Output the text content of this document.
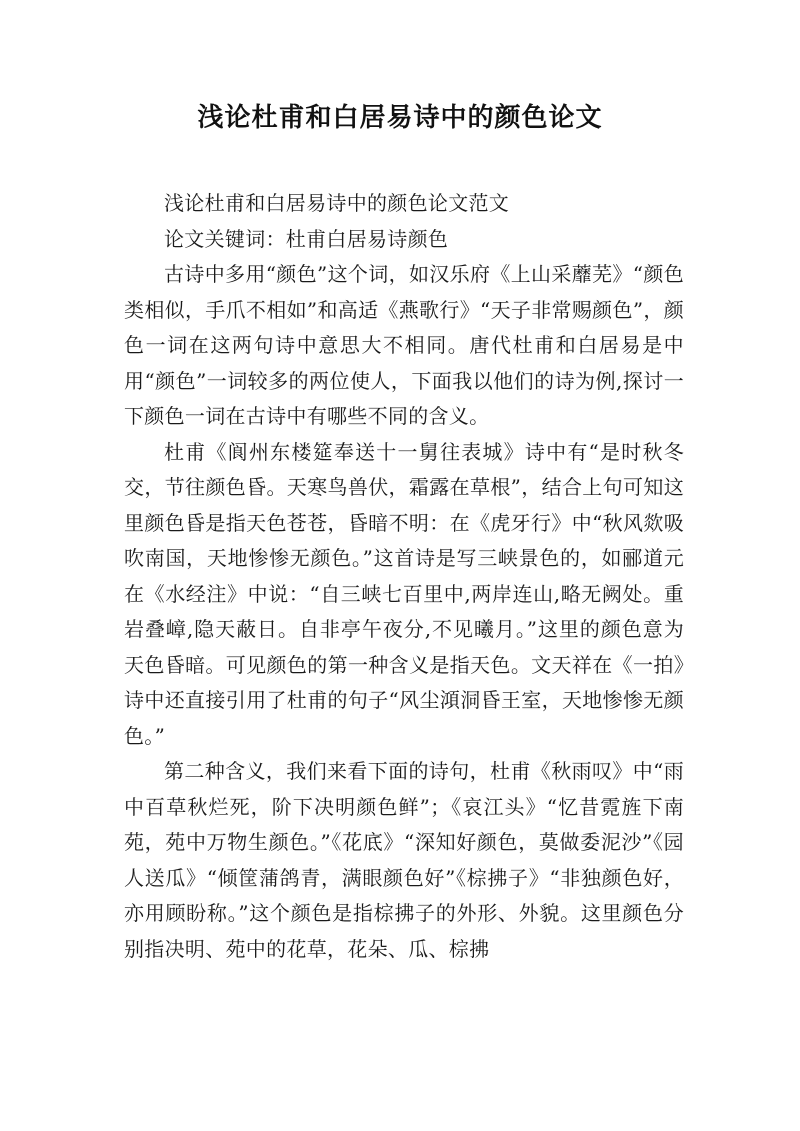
浅论杜甫和白居易诗中的颜色论文

浅论杜甫和白居易诗中的颜色论文范文

论文关键词：杜甫白居易诗颜色

古诗中多用“颜色”这个词，如汉乐府《上山采蘼芜》“颜色类相似，手爪不相如”和高适《燕歌行》“天子非常赐颜色”，颜色一词在这两句诗中意思大不相同。唐代杜甫和白居易是中用“颜色”一词较多的两位使人，下面我以他们的诗为例,探讨一下颜色一词在古诗中有哪些不同的含义。

杜甫《阆州东楼筵奉送十一舅往表城》诗中有“是时秋冬交，节往颜色昏。天寒鸟兽伏，霜露在草根”，结合上句可知这里颜色昏是指天色苍苍，昏暗不明：在《虎牙行》中“秋风欻吸吹南国，天地惨惨无颜色。”这首诗是写三峡景色的，如郦道元在《水经注》中说：“自三峡七百里中,两岸连山,略无阙处。重岩叠嶂,隐天蔽日。自非亭午夜分,不见曦月。”这里的颜色意为天色昏暗。可见颜色的第一种含义是指天色。文天祥在《一拍》诗中还直接引用了杜甫的句子“风尘澒洞昏王室，天地惨惨无颜色。”

第二种含义，我们来看下面的诗句，杜甫《秋雨叹》中“雨中百草秋烂死，阶下决明颜色鲜”；《哀江头》“忆昔霓旌下南苑，苑中万物生颜色。”《花底》“深知好颜色，莫做委泥沙”《园人送瓜》“倾筐蒲鸽青，满眼颜色好”《棕拂子》“非独颜色好，亦用顾盼称。”这个颜色是指棕拂子的外形、外貌。这里颜色分别指决明、苑中的花草，花朵、瓜、棕拂
